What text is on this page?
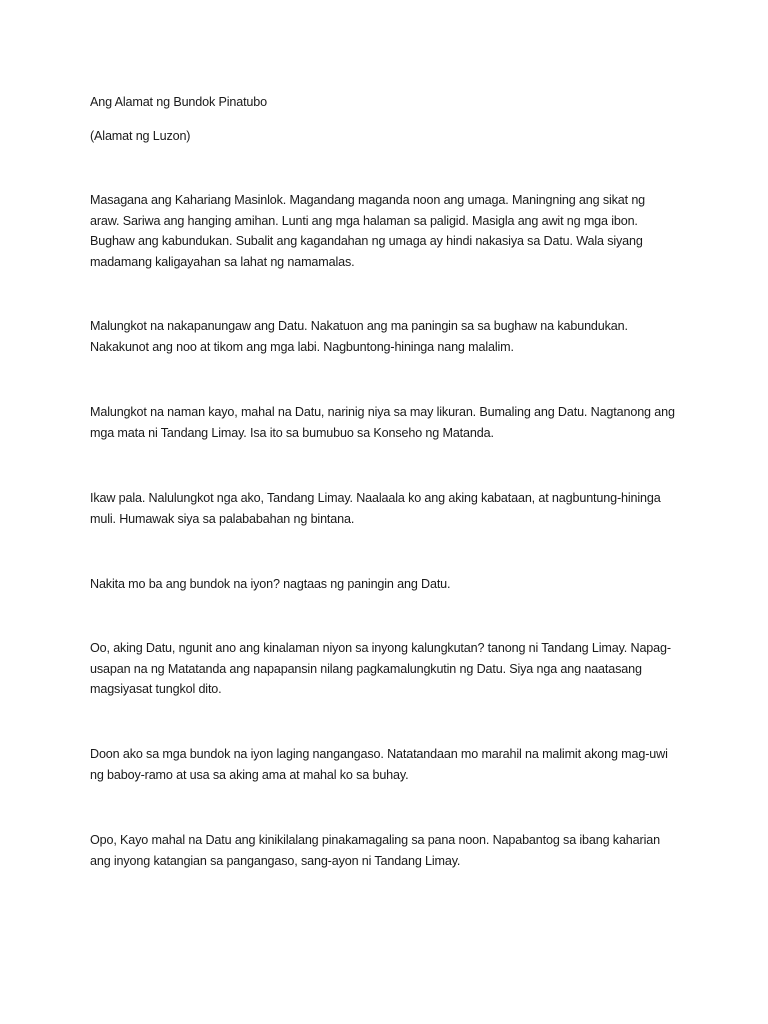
Ang Alamat ng Bundok Pinatubo
(Alamat ng Luzon)

Masagana ang Kahariang Masinlok. Magandang maganda noon ang umaga. Maningning ang sikat ng araw. Sariwa ang hanging amihan. Lunti ang mga halaman sa paligid. Masigla ang awit ng mga ibon. Bughaw ang kabundukan. Subalit ang kagandahan ng umaga ay hindi nakasiya sa Datu. Wala siyang madamang kaligayahan sa lahat ng namamalas.

Malungkot na nakapanungaw ang Datu. Nakatuon ang ma paningin sa sa bughaw na kabundukan. Nakakunot ang noo at tikom ang mga labi. Nagbuntong-hininga nang malalim.

Malungkot na naman kayo, mahal na Datu, narinig niya sa may likuran. Bumaling ang Datu. Nagtanong ang mga mata ni Tandang Limay. Isa ito sa bumubuo sa Konseho ng Matanda.

Ikaw pala. Nalulungkot nga ako, Tandang Limay. Naalaala ko ang aking kabataan, at nagbuntung-hininga muli. Humawak siya sa palababahan ng bintana.

Nakita mo ba ang bundok na iyon? nagtaas ng paningin ang Datu.

Oo, aking Datu, ngunit ano ang kinalaman niyon sa inyong kalungkutan? tanong ni Tandang Limay. Napag-usapan na ng Matatanda ang napapansin nilang pagkamalungkutin ng Datu. Siya nga ang naatasang magsiyasat tungkol dito.

Doon ako sa mga bundok na iyon laging nangangaso. Natatandaan mo marahil na malimit akong mag-uwi ng baboy-ramo at usa sa aking ama at mahal ko sa buhay.

Opo, Kayo mahal na Datu ang kinikilalang pinakamagaling sa pana noon. Napabantog sa ibang kaharian ang inyong katangian sa pangangaso, sang-ayon ni Tandang Limay.
